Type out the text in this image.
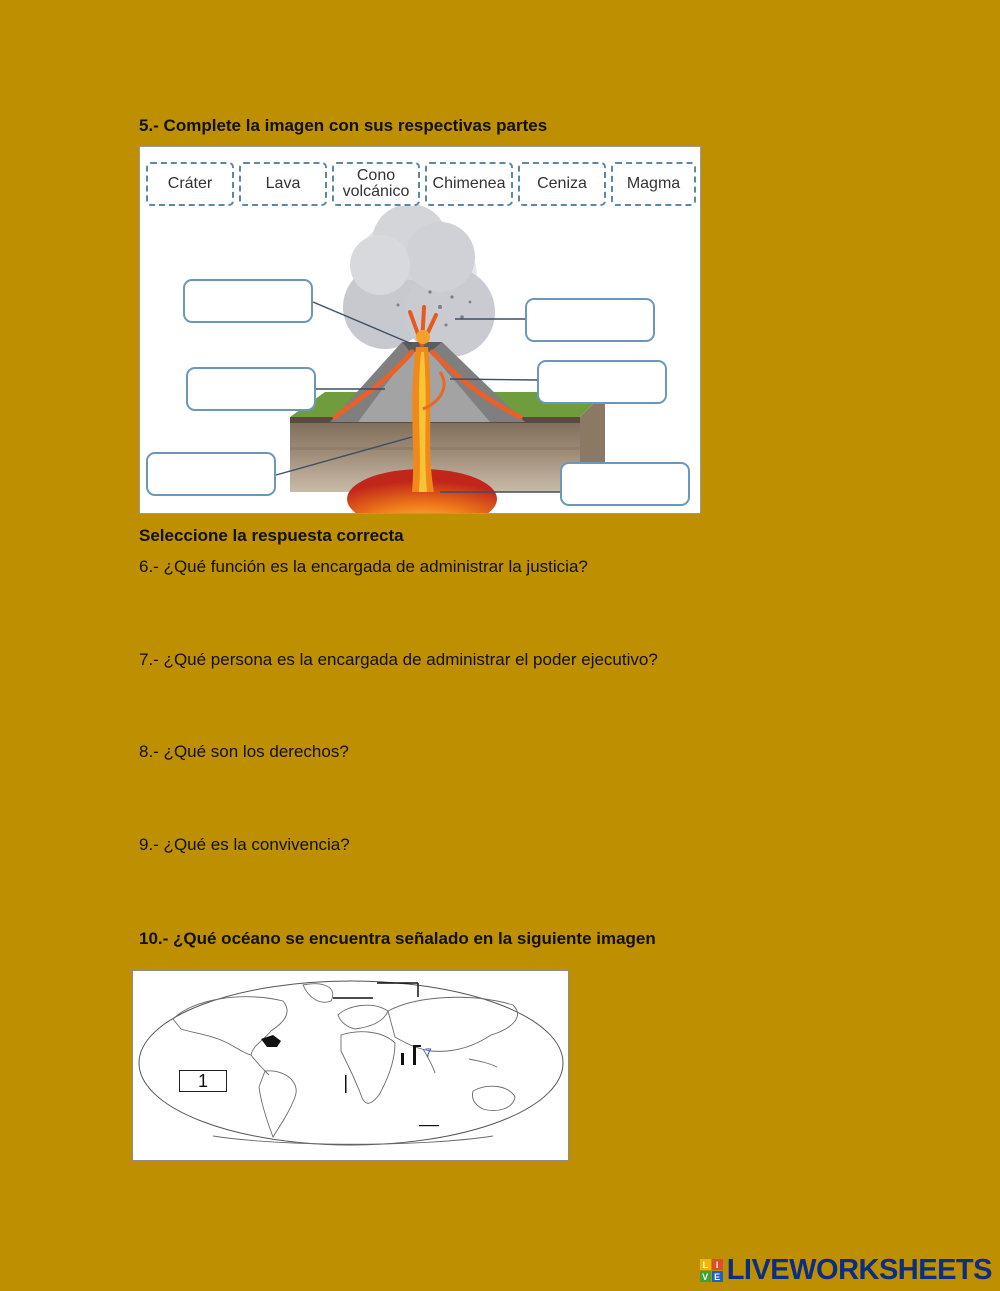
5.- Complete la imagen con sus respectivas partes

Cráter	Lava	Cono volcánico	Chimenea	Ceniza	Magma

Seleccione la respuesta correcta

6.- ¿Qué función es la encargada de administrar la justicia?

7.- ¿Qué persona es la encargada de administrar el poder ejecutivo?

8.- ¿Qué son los derechos?

9.- ¿Qué es la convivencia?

10.- ¿Qué océano se encuentra señalado en la siguiente imagen

7
1
L I
V E LIVEWORKSHEETS
